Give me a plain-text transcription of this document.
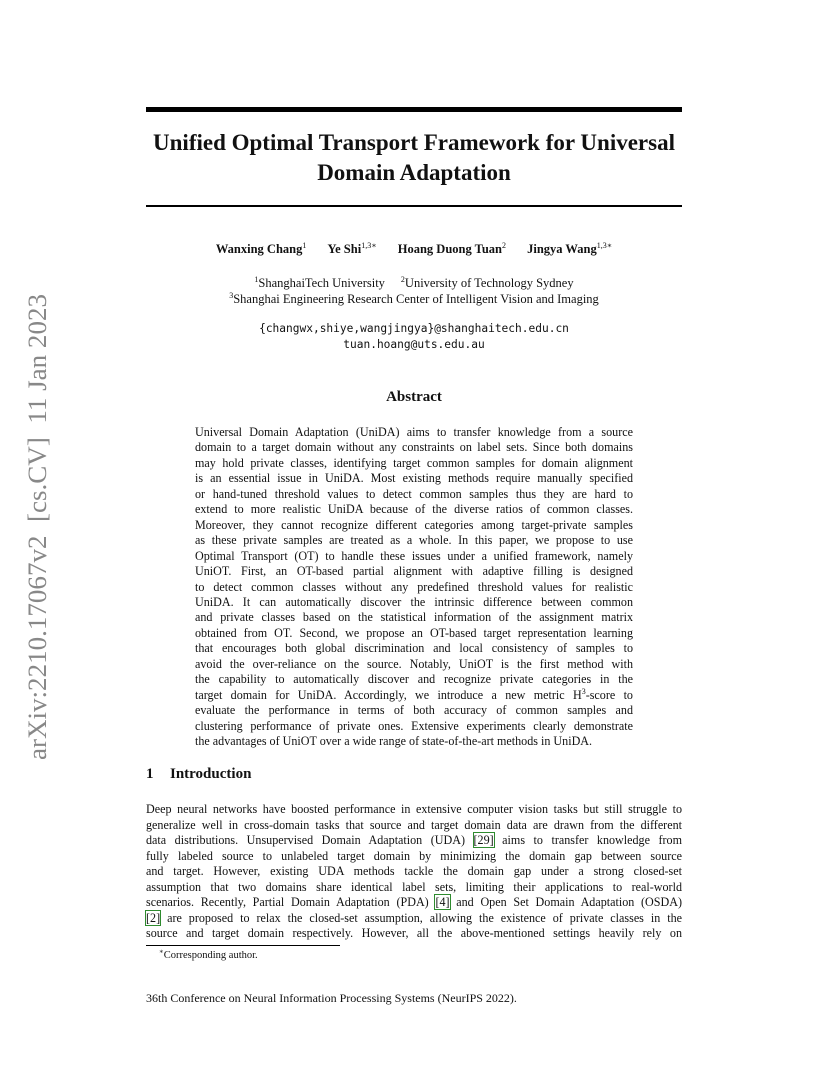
arXiv:2210.17067v2  [cs.CV]  11 Jan 2023
Unified Optimal Transport Framework for Universal
Domain Adaptation
Wanxing Chang$^1$ Ye Shi$^{1,3∗}$ Hoang Duong Tuan$^2$ Jingya Wang$^{1,3∗}$
$^1$ShanghaiTech University $^2$University of Technology Sydney
$^3$Shanghai Engineering Research Center of Intelligent Vision and Imaging
{changwx,shiye,wangjingya}@shanghaitech.edu.cn
tuan.hoang@uts.edu.au
Abstract
Universal Domain Adaptation (UniDA) aims to transfer knowledge from a source
domain to a target domain without any constraints on label sets. Since both domains
may hold private classes, identifying target common samples for domain alignment
is an essential issue in UniDA. Most existing methods require manually specified
or hand-tuned threshold values to detect common samples thus they are hard to
extend to more realistic UniDA because of the diverse ratios of common classes.
Moreover, they cannot recognize different categories among target-private samples
as these private samples are treated as a whole. In this paper, we propose to use
Optimal Transport (OT) to handle these issues under a unified framework, namely
UniOT. First, an OT-based partial alignment with adaptive filling is designed
to detect common classes without any predefined threshold values for realistic
UniDA. It can automatically discover the intrinsic difference between common
and private classes based on the statistical information of the assignment matrix
obtained from OT. Second, we propose an OT-based target representation learning
that encourages both global discrimination and local consistency of samples to
avoid the over-reliance on the source. Notably, UniOT is the first method with
the capability to automatically discover and recognize private categories in the
target domain for UniDA. Accordingly, we introduce a new metric $H^3$-score to
evaluate the performance in terms of both accuracy of common samples and
clustering performance of private ones. Extensive experiments clearly demonstrate
the advantages of UniOT over a wide range of state-of-the-art methods in UniDA.
1 Introduction
Deep neural networks have boosted performance in extensive computer vision tasks but still struggle to
generalize well in cross-domain tasks that source and target domain data are drawn from the different
data distributions. Unsupervised Domain Adaptation (UDA) [29] aims to transfer knowledge from
fully labeled source to unlabeled target domain by minimizing the domain gap between source
and target. However, existing UDA methods tackle the domain gap under a strong closed-set
assumption that two domains share identical label sets, limiting their applications to real-world
scenarios. Recently, Partial Domain Adaptation (PDA) [4] and Open Set Domain Adaptation (OSDA)
[2] are proposed to relax the closed-set assumption, allowing the existence of private classes in the
source and target domain respectively. However, all the above-mentioned settings heavily rely on
∗Corresponding author.
36th Conference on Neural Information Processing Systems (NeurIPS 2022).
